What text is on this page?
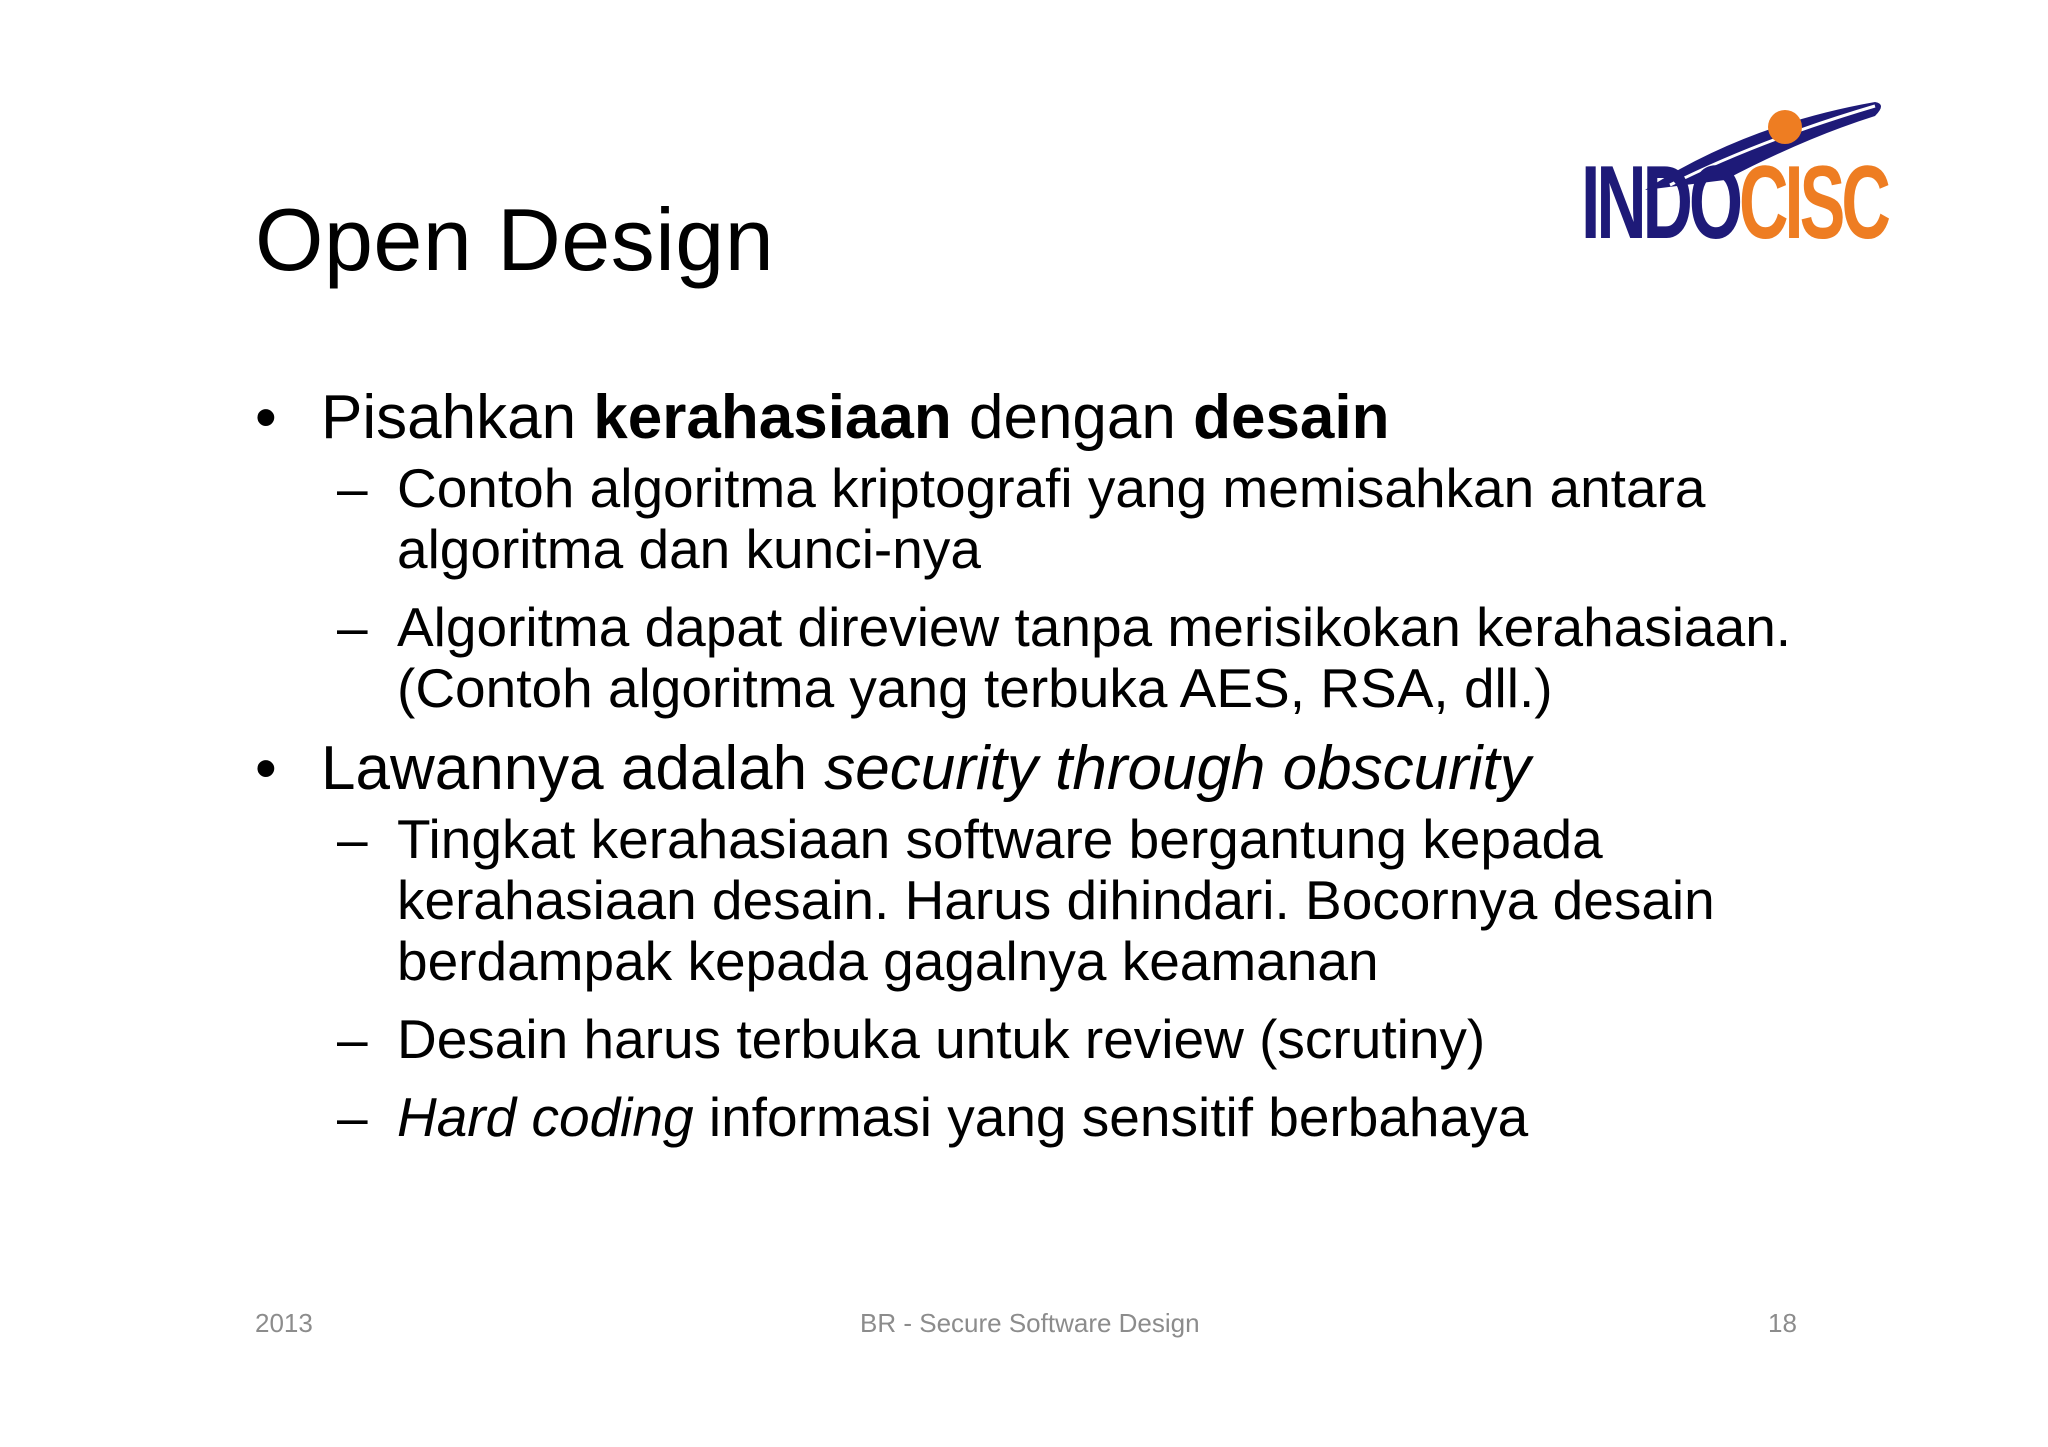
Open Design	INDO
CISC
• Pisahkan kerahasiaan dengan desain
– Contoh algoritma kriptografi yang memisahkan antara algoritma dan kunci-nya
– Algoritma dapat direview tanpa merisikokan kerahasiaan. (Contoh algoritma yang terbuka AES, RSA, dll.)
• Lawannya adalah security through obscurity
– Tingkat kerahasiaan software bergantung kepada kerahasiaan desain. Harus dihindari. Bocornya desain berdampak kepada gagalnya keamanan
– Desain harus terbuka untuk review (scrutiny)
– Hard coding informasi yang sensitif berbahaya
2013	BR - Secure Software Design	18
